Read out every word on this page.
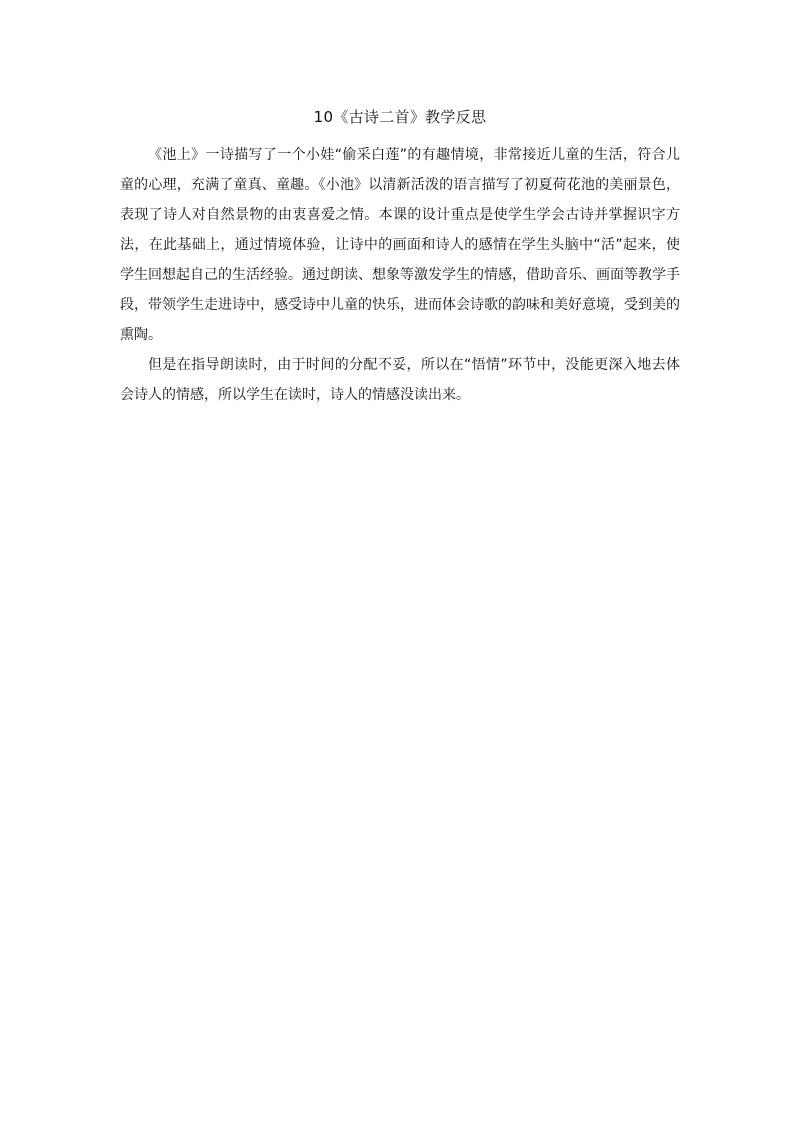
10《古诗二首》教学反思

《池上》一诗描写了一个小娃“偷采白莲”的有趣情境，非常接近儿童的生活，符合儿童的心理，充满了童真、童趣。《小池》以清新活泼的语言描写了初夏荷花池的美丽景色，表现了诗人对自然景物的由衷喜爱之情。本课的设计重点是使学生学会古诗并掌握识字方法，在此基础上，通过情境体验，让诗中的画面和诗人的感情在学生头脑中“活”起来，使学生回想起自己的生活经验。通过朗读、想象等激发学生的情感，借助音乐、画面等教学手段，带领学生走进诗中，感受诗中儿童的快乐，进而体会诗歌的韵味和美好意境，受到美的熏陶。

但是在指导朗读时，由于时间的分配不妥，所以在“悟情”环节中，没能更深入地去体会诗人的情感，所以学生在读时，诗人的情感没读出来。
